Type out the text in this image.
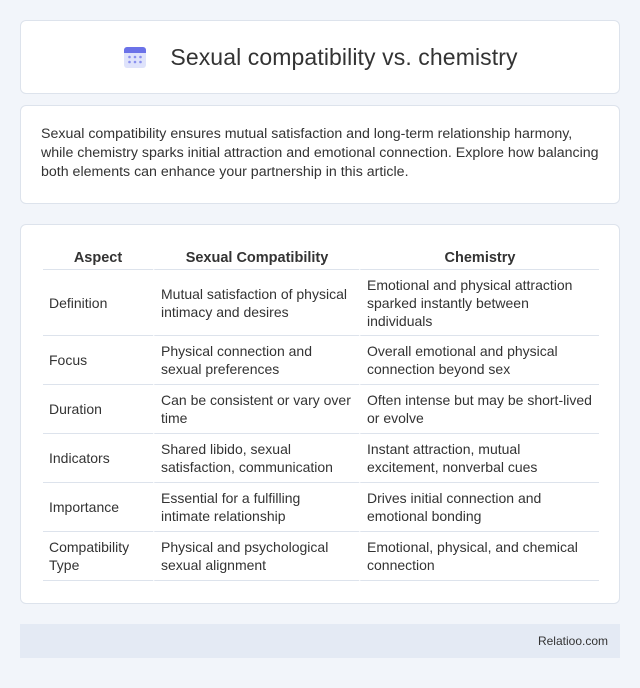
Sexual compatibility vs. chemistry

Sexual compatibility ensures mutual satisfaction and long-term relationship harmony, while chemistry sparks initial attraction and emotional connection. Explore how balancing both elements can enhance your partnership in this article.

Aspect	Sexual Compatibility	Chemistry
Definition	Mutual satisfaction of physical intimacy and desires	Emotional and physical attraction sparked instantly between individuals
Focus	Physical connection and sexual preferences	Overall emotional and physical connection beyond sex
Duration	Can be consistent or vary over time	Often intense but may be short-lived or evolve
Indicators	Shared libido, sexual satisfaction, communication	Instant attraction, mutual excitement, nonverbal cues
Importance	Essential for a fulfilling intimate relationship	Drives initial connection and emotional bonding
Compatibility Type	Physical and psychological sexual alignment	Emotional, physical, and chemical connection
Relatioo.com
